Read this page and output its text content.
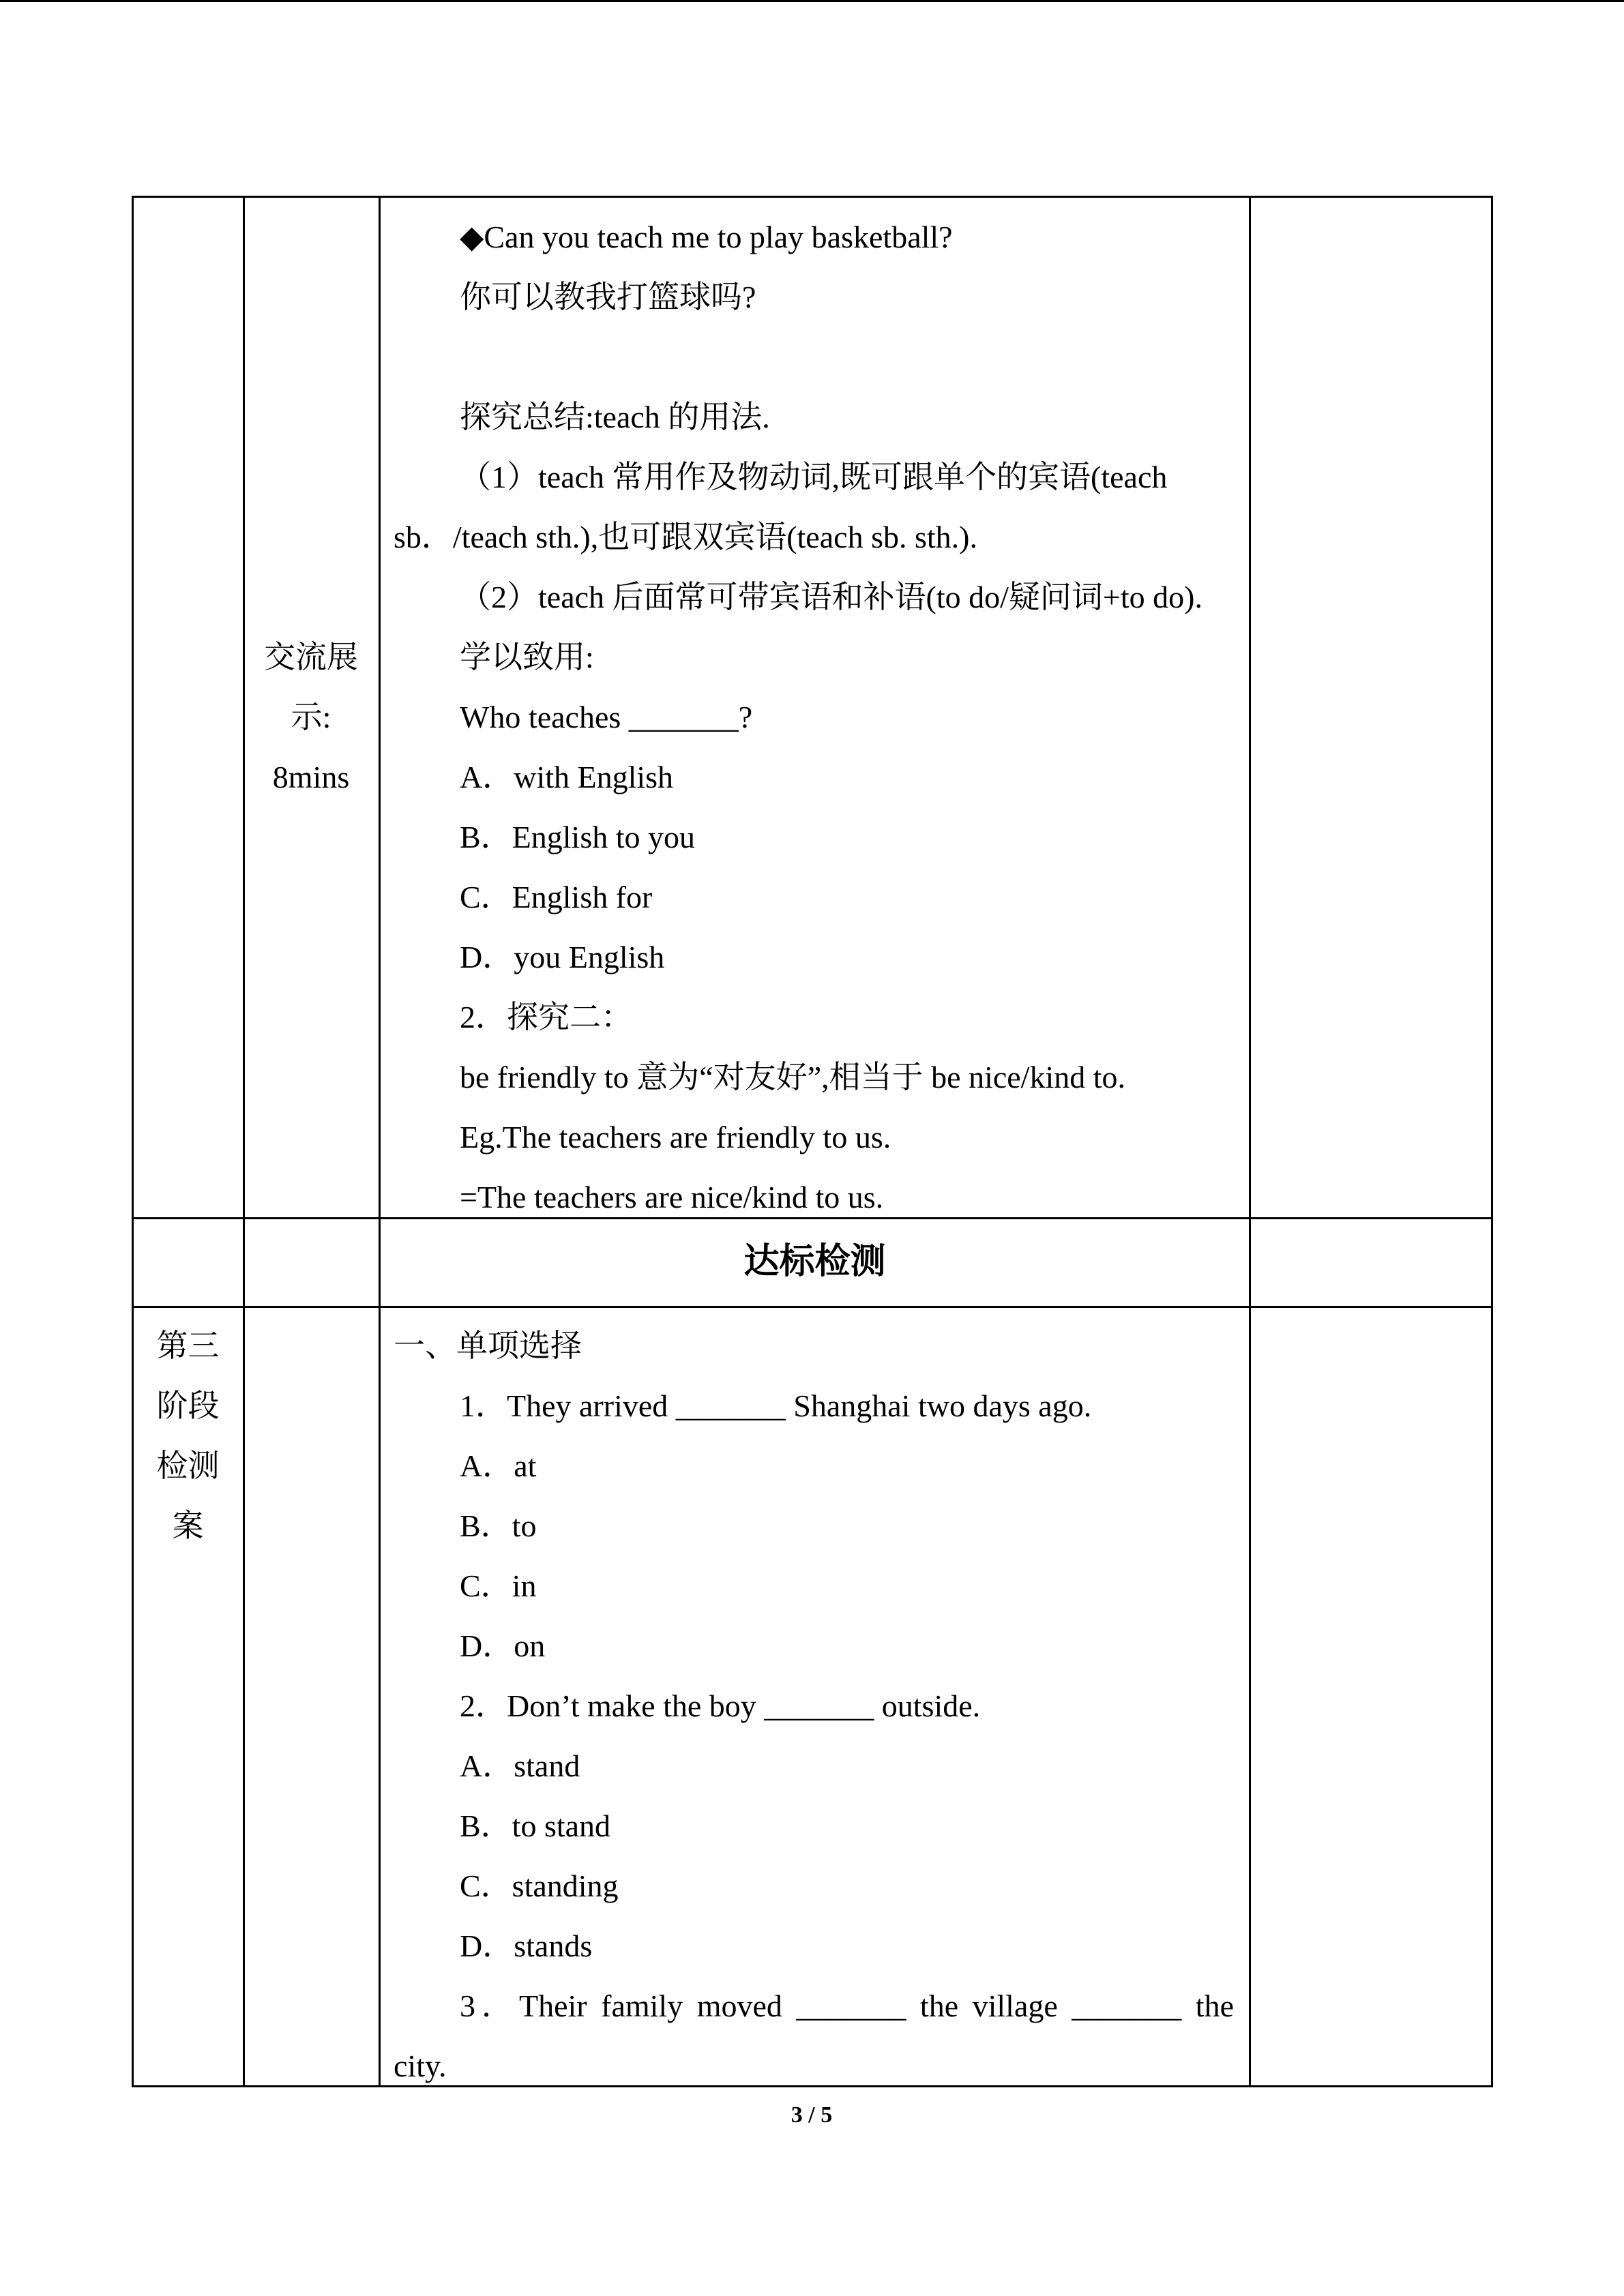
交流展
示:
8mins
◆Can you teach me to play basketball?
你可以教我打篮球吗?
探究总结:teach 的用法.
（1）teach 常用作及物动词,既可跟单个的宾语(teach
sb．/teach sth.),也可跟双宾语(teach sb. sth.).
（2）teach 后面常可带宾语和补语(to do/疑问词+to do).
学以致用:
Who teaches _______?
A．with English
B．English to you
C．English for
D．you English
2．探究二：
be friendly to 意为“对友好”,相当于 be nice/kind to.
Eg.The teachers are friendly to us.
=The teachers are nice/kind to us.
达标检测
第三
阶段
检测
案
一、单项选择
1．They arrived _______ Shanghai two days ago.
A．at
B．to
C．in
D．on
2．Don’t make the boy _______ outside.
A．stand
B．to stand
C．standing
D．stands
3．Their family moved _______ the village _______ the
city.
3 / 5
